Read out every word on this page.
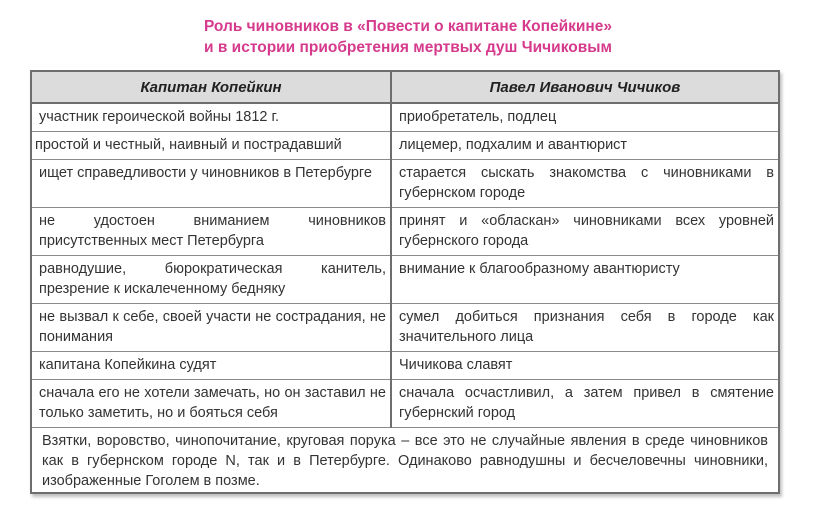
Роль чиновников в «Повести о капитане Копейкине»
и в истории приобретения мертвых душ Чичиковым
Капитан Копейкин	Павел Иванович Чичиков
участник героической войны 1812 г.	приобретатель, подлец
простой и честный, наивный и пострадавший	лицемер, подхалим и авантюрист
ищет справедливости у чиновников в Петербурге	старается сыскать знакомства с чиновниками в губернском городе
не удостоен вниманием чиновников присутственных мест Петербурга	принят и «обласкан» чиновниками всех уровней губернского города
равнодушие, бюрократическая канитель, презрение к искалеченному бедняку	внимание к благообразному авантюристу
не вызвал к себе, своей участи не сострадания, не понимания	сумел добиться признания себя в городе как значительного лица
капитана Копейкина судят	Чичикова славят
сначала его не хотели замечать, но он заставил не только заметить, но и бояться себя	сначала осчастливил, а затем привел в смятение губернский город
Взятки, воровство, чинопочитание, круговая порука – все это не случайные явления в среде чиновников как в губернском городе N, так и в Петербурге. Одинаково равнодушны и бесчеловечны чиновники, изображенные Гоголем в позме.	
